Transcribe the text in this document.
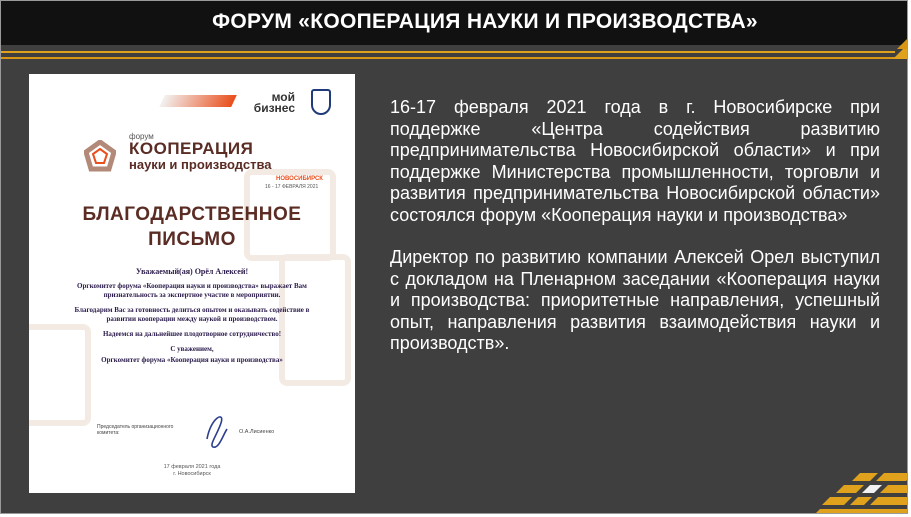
ФОРУМ «КООПЕРАЦИЯ НАУКИ И ПРОИЗВОДСТВА»
мой
бизнес
форум
КООПЕРАЦИЯ
науки и производства
НОВОСИБИРСК
16 - 17 ФЕВРАЛЯ 2021
БЛАГОДАРСТВЕННОЕ
ПИСЬМО

Уважаемый(ая) Орёл Алексей!

Оргкомитет форума «Кооперация науки и производства» выражает Вам признательность за экспертное участие в мероприятии.

Благодарим Вас за готовность делиться опытом и оказывать содействие в развитии кооперации между наукой и производством.

Надеемся на дальнейшее плодотворное сотрудничество!

С уважением,

Оргкомитет форума «Кооперация науки и производства»

Председатель организационного комитета:	О.А.Лисиенко
17 февраля 2021 года
г. Новосибирск

16-17 февраля 2021 года в г. Новосибирске при поддержке «Центра содействия развитию предпринимательства Новосибирской области» и при поддержке Министерства промышленности, торговли и развития предпринимательства Новосибирской области» состоялся форум «Кооперация науки и производства»

Директор по развитию компании Алексей Орел выступил с докладом на Пленарном заседании «Кооперация науки и производства: приоритетные направления, успешный опыт, направления развития взаимодействия науки и производств».
